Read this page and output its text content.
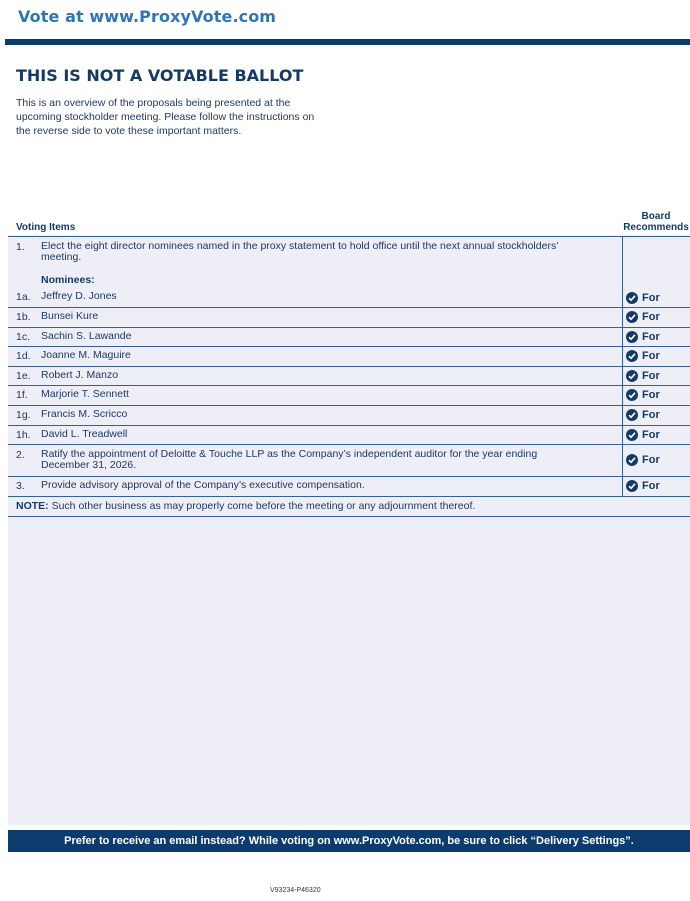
Vote at www.ProxyVote.com
THIS IS NOT A VOTABLE BALLOT
This is an overview of the proposals being presented at the
upcoming stockholder meeting. Please follow the instructions on
the reverse side to vote these important matters.
Voting Items
Board
Recommends
1. Elect the eight director nominees named in the proxy statement to hold office until the next annual stockholders’
meeting.
Nominees:
1a. Jeffrey D. Jones	For
1b. Bunsei Kure	For
1c. Sachin S. Lawande	For
1d. Joanne M. Maguire	For
1e. Robert J. Manzo	For
1f. Marjorie T. Sennett	For
1g. Francis M. Scricco	For
1h. David L. Treadwell	For
2. Ratify the appointment of Deloitte & Touche LLP as the Company’s independent auditor for the year ending
December 31, 2026.	For
3. Provide advisory approval of the Company’s executive compensation.	For
NOTE: Such other business as may properly come before the meeting or any adjournment thereof.
Prefer to receive an email instead? While voting on www.ProxyVote.com, be sure to click “Delivery Settings”.
V93234-P46320
